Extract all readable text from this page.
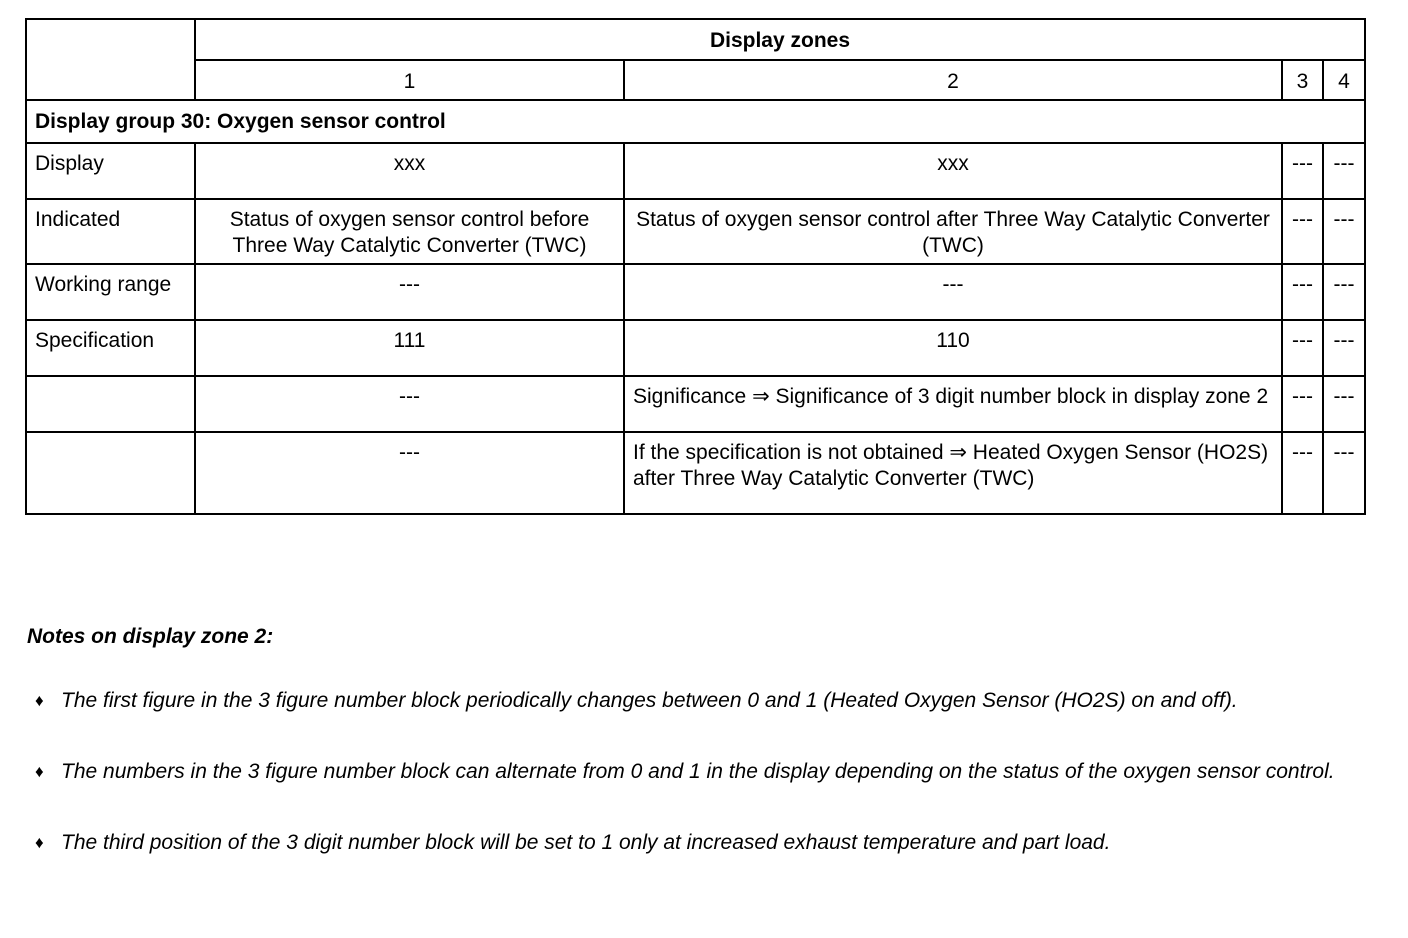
	Display zones			
	1	2	3	4
Display group 30: Oxygen sensor control				
Display	xxx	xxx	---	---
Indicated	Status of oxygen sensor control before Three Way Catalytic Converter (TWC)	Status of oxygen sensor control after Three Way Catalytic Converter (TWC)	---	---
Working range	---	---	---	---
Specification	111	110	---	---
	---	Significance ⇒ Significance of 3 digit number block in display zone 2	---	---
	---	If the specification is not obtained ⇒ Heated Oxygen Sensor (HO2S) after Three Way Catalytic Converter (TWC)	---	---

Notes on display zone 2:

♦ The first figure in the 3 figure number block periodically changes between 0 and 1 (Heated Oxygen Sensor (HO2S) on and off).
♦ The numbers in the 3 figure number block can alternate from 0 and 1 in the display depending on the status of the oxygen sensor control.
♦ The third position of the 3 digit number block will be set to 1 only at increased exhaust temperature and part load.
